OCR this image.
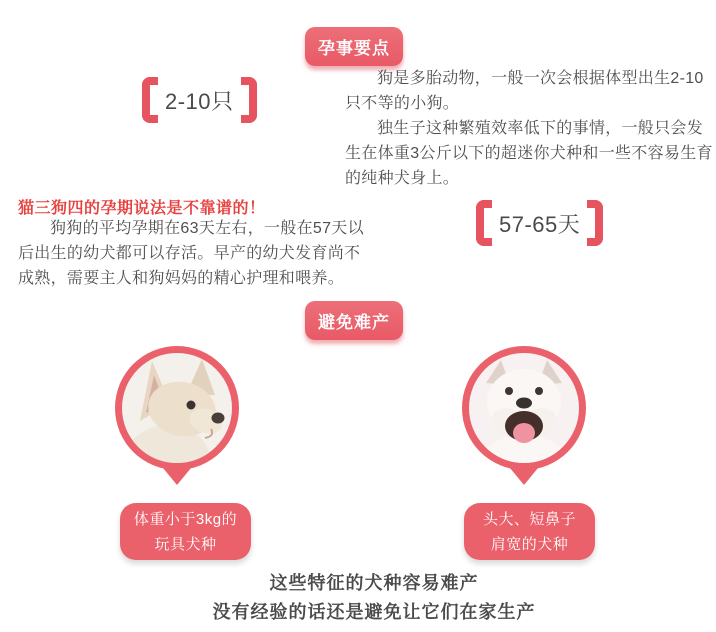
孕事要点
2-10只

狗是多胎动物，一般一次会根据体型出生2-10只不等的小狗。

独生子这种繁殖效率低下的事情，一般只会发生在体重3公斤以下的超迷你犬种和一些不容易生育的纯种犬身上。

猫三狗四的孕期说法是不靠谱的！

狗狗的平均孕期在63天左右，一般在57天以后出生的幼犬都可以存活。早产的幼犬发育尚不成熟，需要主人和狗妈妈的精心护理和喂养。

57-65天
避免难产
体重小于3kg的
玩具犬种
头大、短鼻子
肩宽的犬种
这些特征的犬种容易难产
没有经验的话还是避免让它们在家生产
